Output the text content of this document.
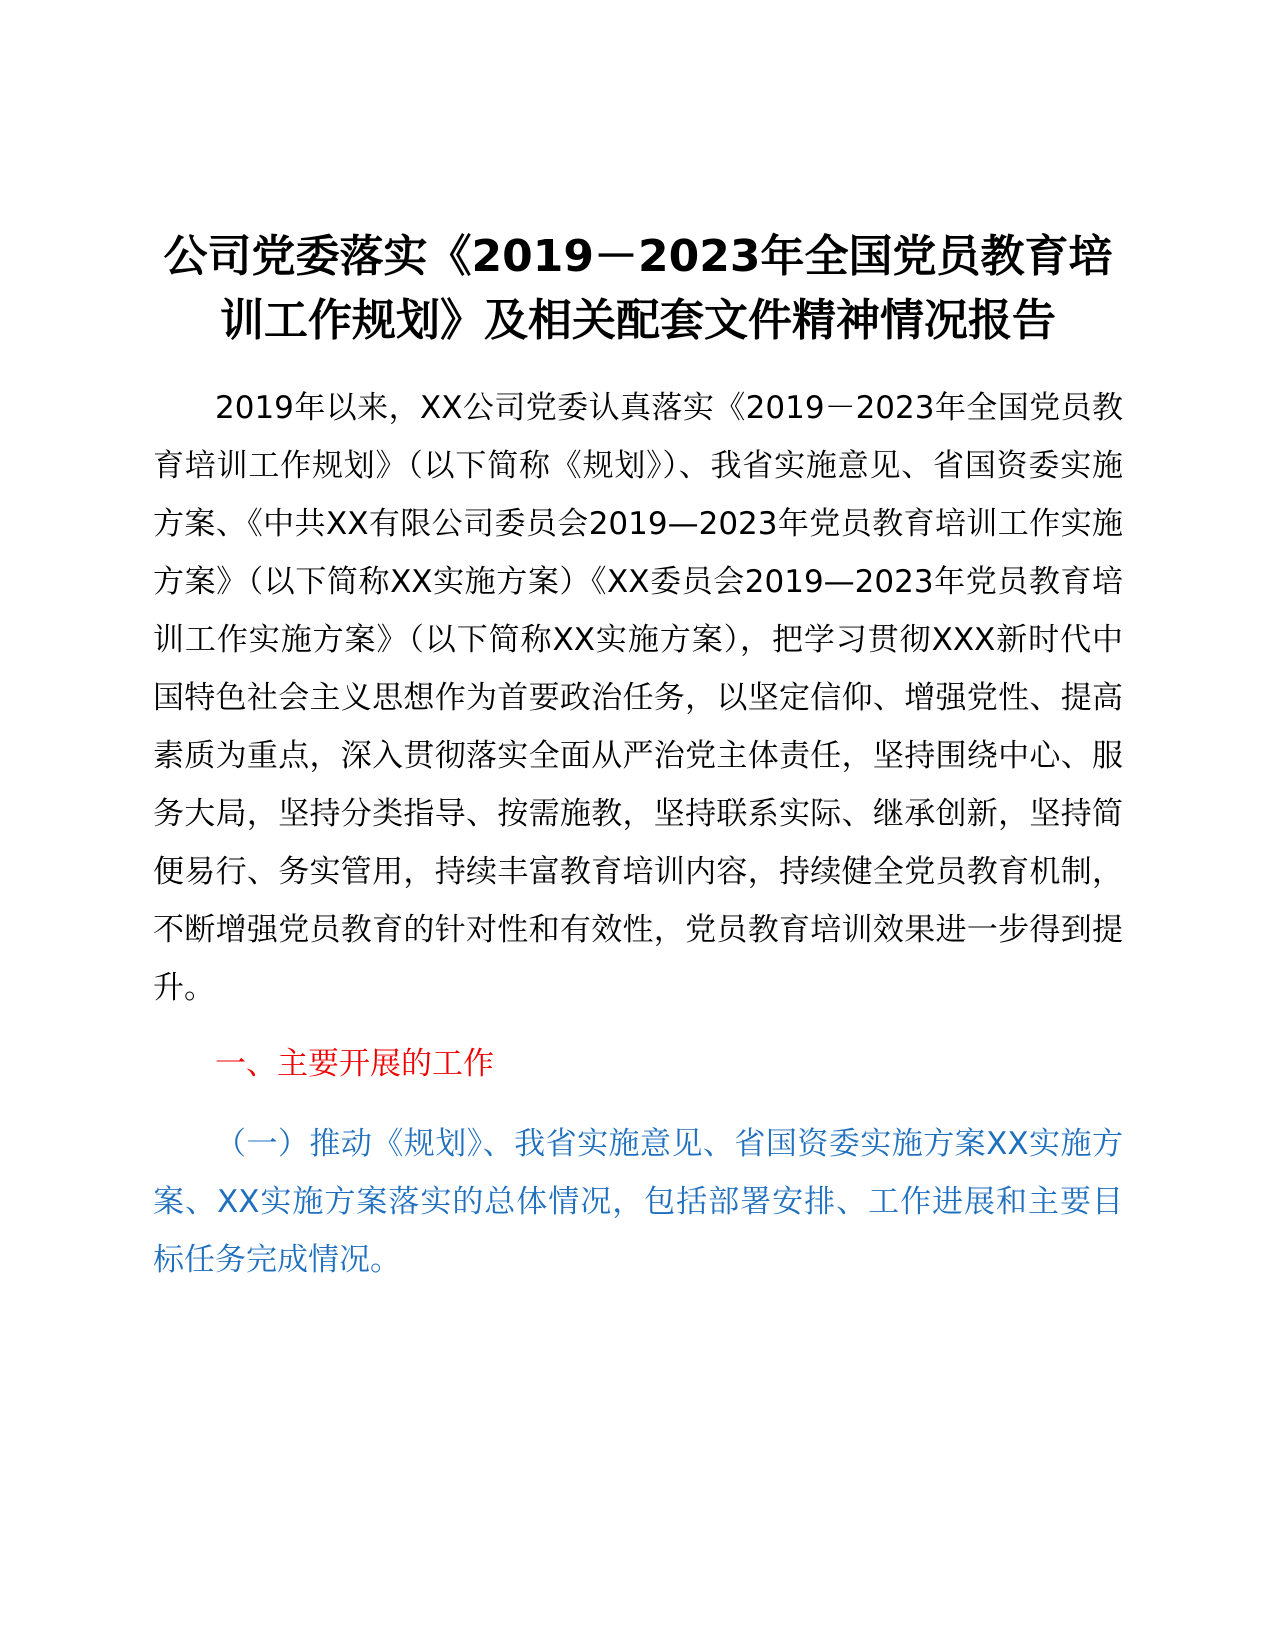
公司党委落实《2019－2023年全国党员教育培训工作规划》及相关配套文件精神情况报告

2019年以来，XX公司党委认真落实《2019－2023年全国党员教育培训工作规划》（以下简称《规划》）、我省实施意见、省国资委实施方案、《中共XX有限公司委员会2019—2023年党员教育培训工作实施方案》（以下简称XX实施方案）《XX委员会2019—2023年党员教育培训工作实施方案》（以下简称XX实施方案），把学习贯彻XXX新时代中国特色社会主义思想作为首要政治任务，以坚定信仰、增强党性、提高素质为重点，深入贯彻落实全面从严治党主体责任，坚持围绕中心、服务大局，坚持分类指导、按需施教，坚持联系实际、继承创新，坚持简便易行、务实管用，持续丰富教育培训内容，持续健全党员教育机制，不断增强党员教育的针对性和有效性，党员教育培训效果进一步得到提升。

一、主要开展的工作

（一）推动《规划》、我省实施意见、省国资委实施方案XX实施方案、XX实施方案落实的总体情况，包括部署安排、工作进展和主要目标任务完成情况。
